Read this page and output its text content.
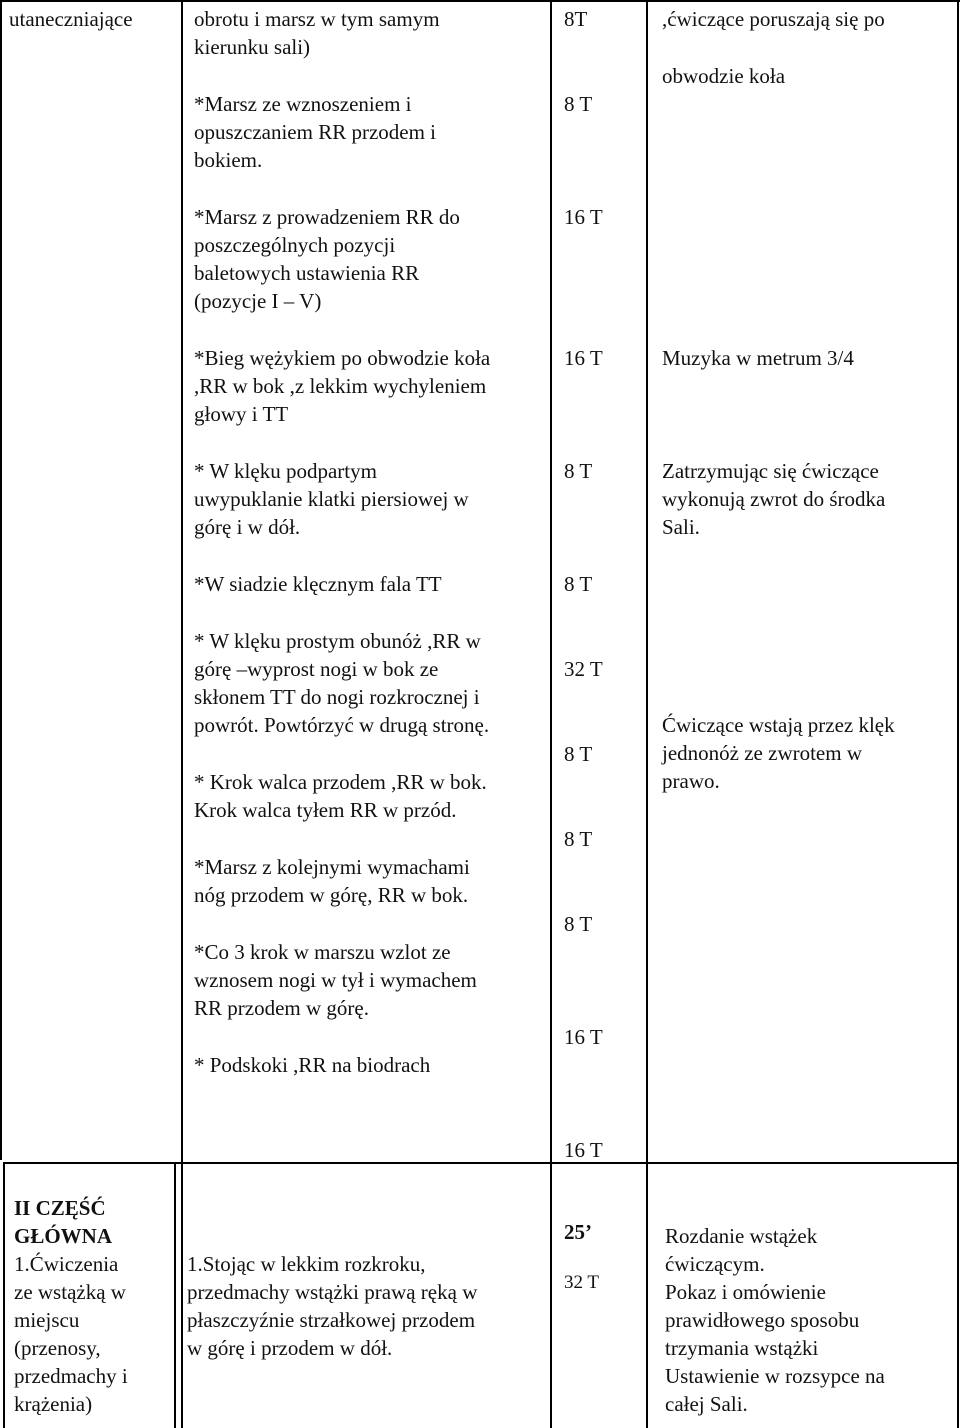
utaneczniające	obrotu i marsz w tym samym
kierunku sali)
*Marsz ze wznoszeniem i
opuszczaniem RR przodem i
bokiem.
*Marsz z prowadzeniem RR do
poszczególnych pozycji
baletowych ustawienia RR
(pozycje I – V)
*Bieg wężykiem po obwodzie koła
,RR w bok ,z lekkim wychyleniem
głowy i TT
* W klęku podpartym
uwypuklanie klatki piersiowej w
górę i w dół.
*W siadzie klęcznym fala TT
* W klęku prostym obunóż ,RR w
górę –wyprost nogi w bok ze
skłonem TT do nogi rozkrocznej i
powrót. Powtórzyć w drugą stronę.
* Krok walca przodem ,RR w bok.
Krok walca tyłem RR w przód.
*Marsz z kolejnymi wymachami
nóg przodem w górę, RR w bok.
*Co 3 krok w marszu wzlot ze
wznosem nogi w tył i wymachem
RR przodem w górę.
* Podskoki ,RR na biodrach
8T
8 T
16 T
16 T
8 T
8 T
32 T
8 T
8 T
8 T
16 T
16 T
,ćwiczące poruszają się po
obwodzie koła
Muzyka w metrum 3/4
Zatrzymując się ćwiczące
wykonują zwrot do środka
Sali.
Ćwiczące wstają przez klęk
jednonóż ze zwrotem w
prawo.
II CZĘŚĆ
GŁÓWNA
1.Ćwiczenia
ze wstążką w
miejscu
(przenosy,
przedmachy i
krążenia)
1.Stojąc w lekkim rozkroku,
przedmachy wstążki prawą ręką w
płaszczyźnie strzałkowej przodem
w górę i przodem w dół.
25’
32 T
Rozdanie wstążek
ćwiczącym.
Pokaz i omówienie
prawidłowego sposobu
trzymania wstążki
Ustawienie w rozsypce na
całej Sali.
